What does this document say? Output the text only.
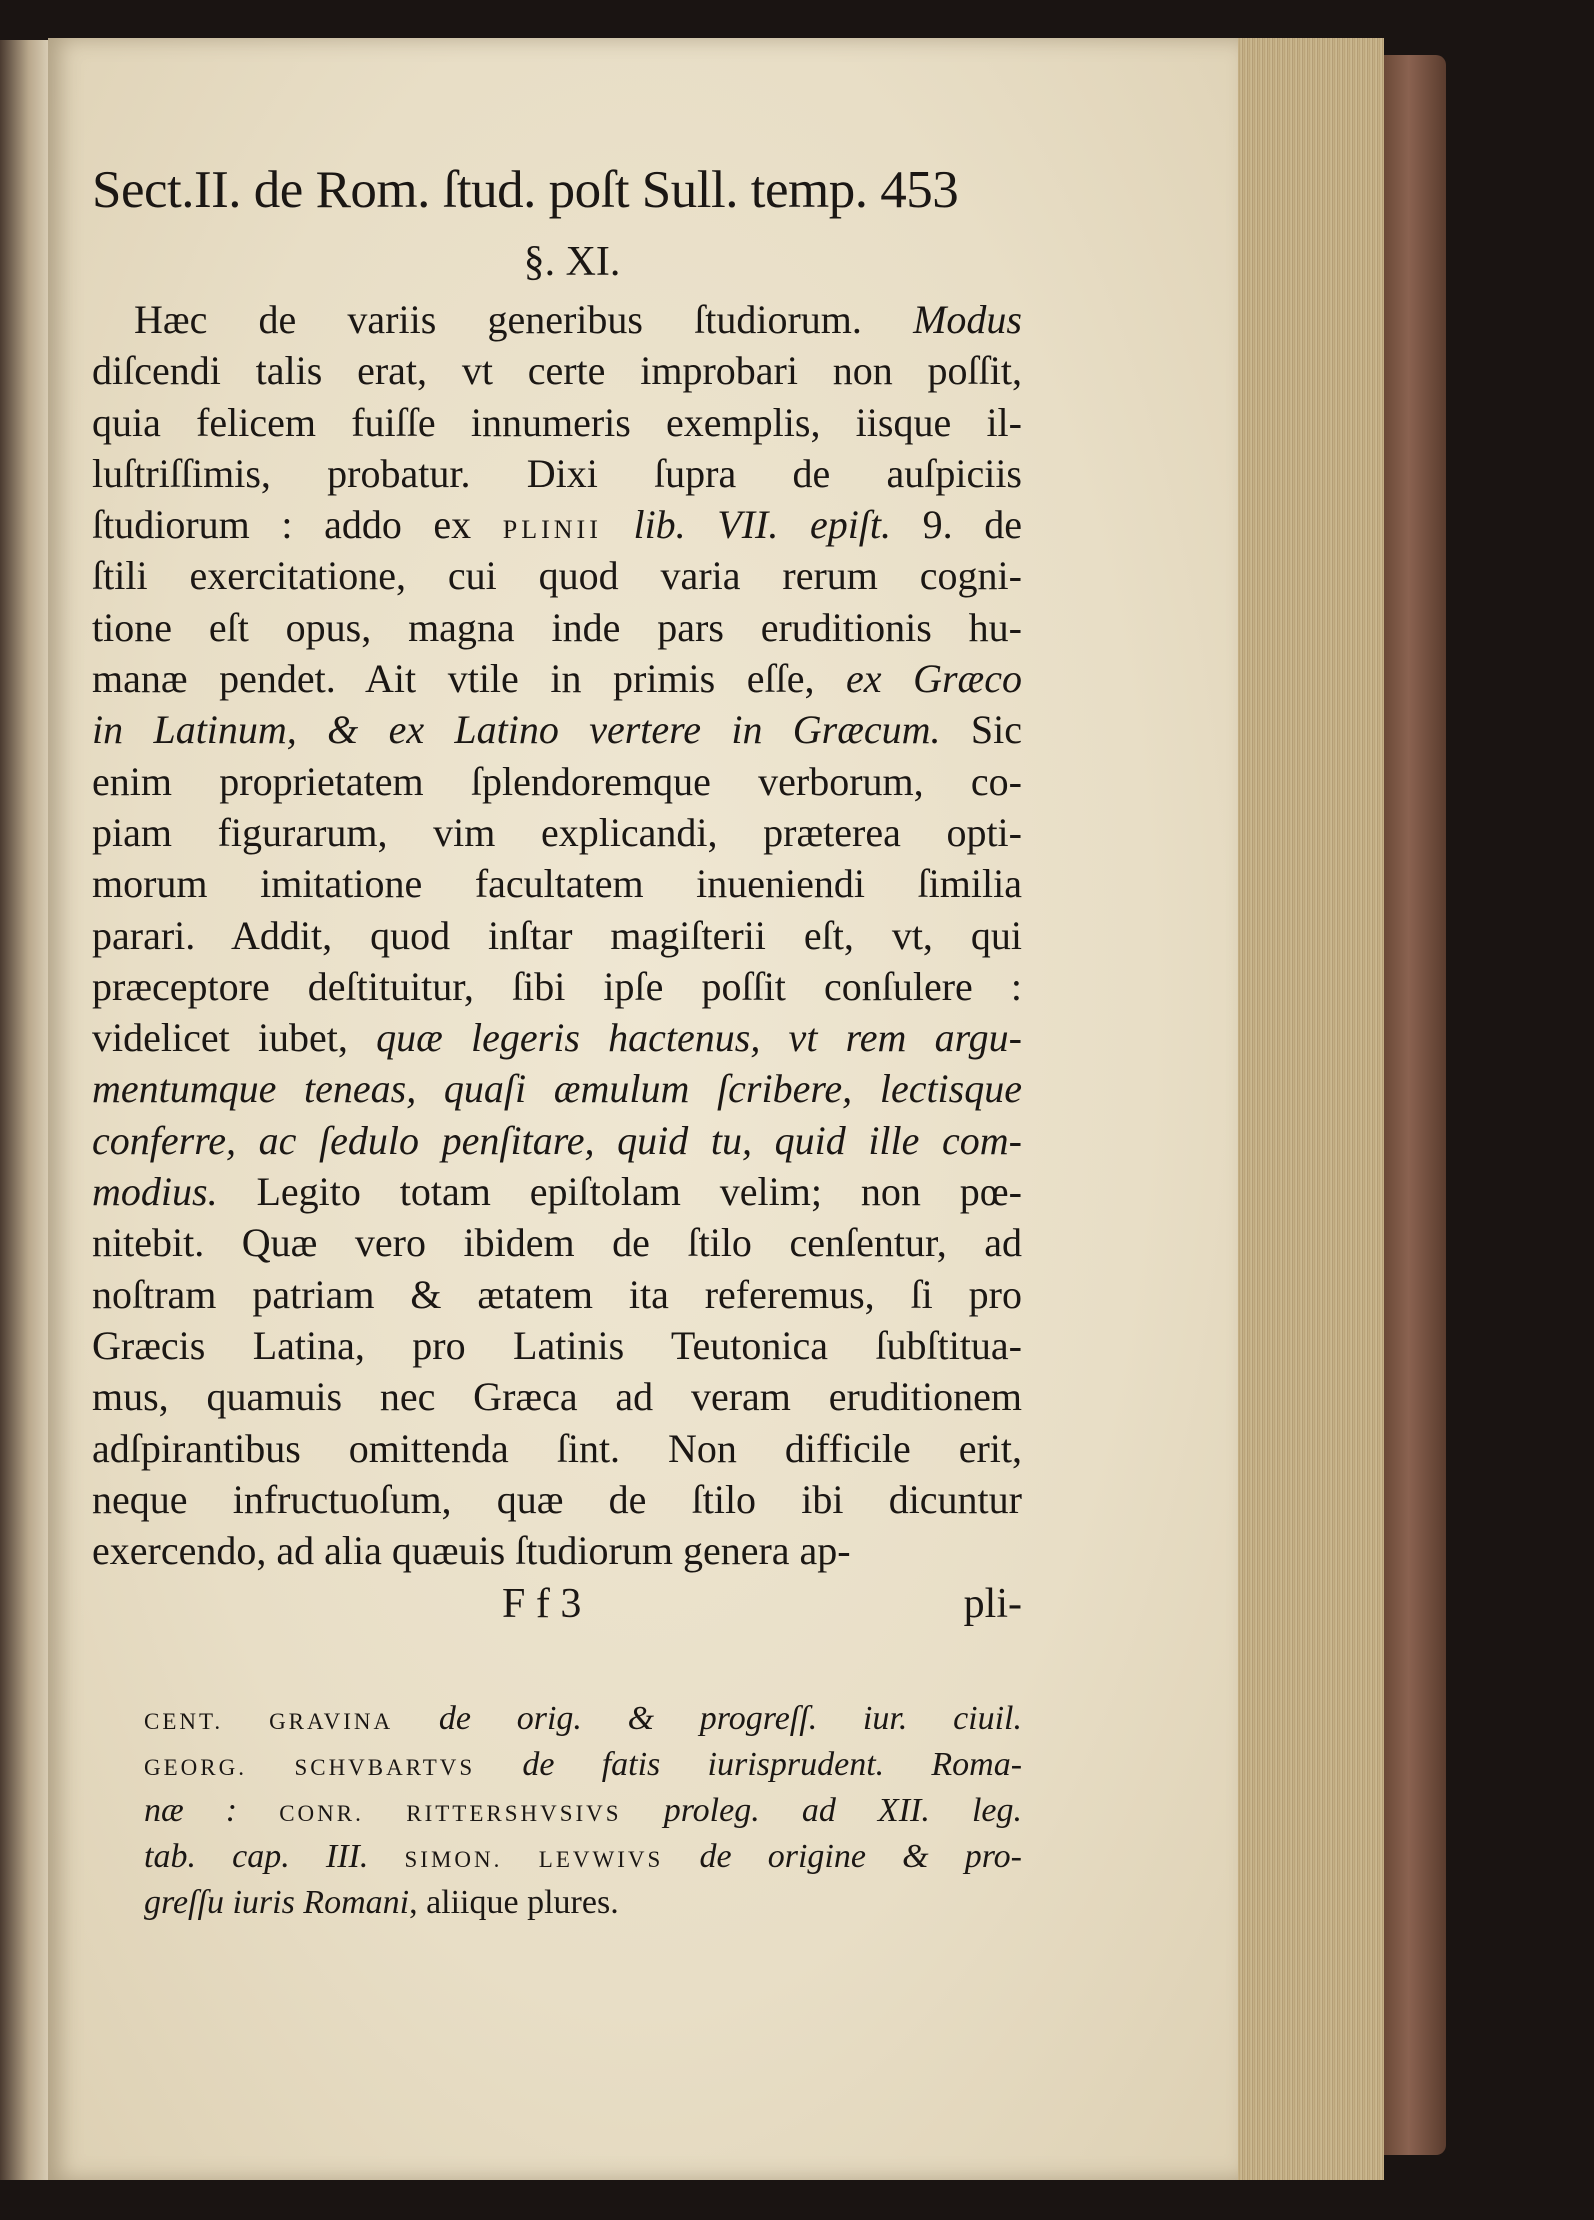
Sect.II. de Rom. ſtud. poſt Sull. temp. 453
§. XI.
Hæc de variis generibus ſtudiorum. Modus
diſcendi talis erat, vt certe improbari non poſſit,
quia felicem fuiſſe innumeris exemplis, iisque il-
luſtriſſimis, probatur. Dixi ſupra de auſpiciis
ſtudiorum : addo ex PLINII lib. VII. epiſt. 9. de
ſtili exercitatione, cui quod varia rerum cogni-
tione eſt opus, magna inde pars eruditionis hu-
manæ pendet. Ait vtile in primis eſſe, ex Græco
in Latinum, & ex Latino vertere in Græcum. Sic
enim proprietatem ſplendoremque verborum, co-
piam figurarum, vim explicandi, præterea opti-
morum imitatione facultatem inueniendi ſimilia
parari. Addit, quod inſtar magiſterii eſt, vt, qui
præceptore deſtituitur, ſibi ipſe poſſit conſulere :
videlicet iubet, quæ legeris hactenus, vt rem argu-
mentumque teneas, quaſi æmulum ſcribere, lectisque
conferre, ac ſedulo penſitare, quid tu, quid ille com-
modius. Legito totam epiſtolam velim; non pœ-
nitebit. Quæ vero ibidem de ſtilo cenſentur, ad
noſtram patriam & ætatem ita referemus, ſi pro
Græcis Latina, pro Latinis Teutonica ſubſtitua-
mus, quamuis nec Græca ad veram eruditionem
adſpirantibus omittenda ſint. Non difficile erit,
neque infructuoſum, quæ de ſtilo ibi dicuntur
exercendo, ad alia quæuis ſtudiorum genera ap-
F f 3	pli-
CENT. GRAVINA de orig. & progreſſ. iur. ciuil.
GEORG. SCHVBARTVS de fatis iurisprudent. Roma-
næ : CONR. RITTERSHVSIVS proleg. ad XII. leg.
tab. cap. III. SIMON. LEVWIVS de origine & pro-
greſſu iuris Romani, aliique plures.
